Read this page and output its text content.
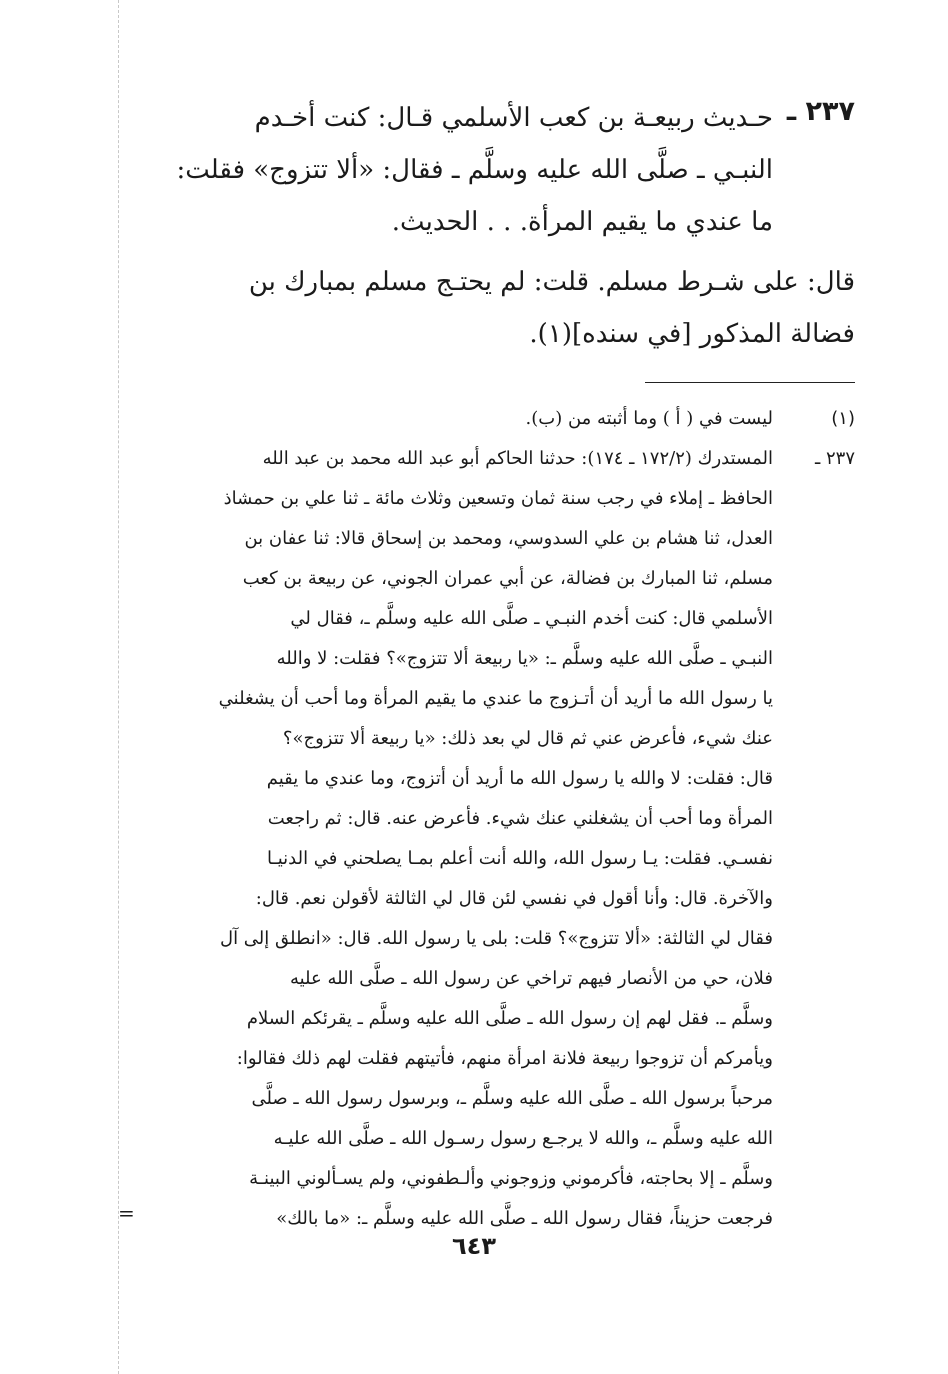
٢٣٧ ـ
حـديث ربيعـة بن كعب الأسلمي قـال: كنت أخـدم
النبـي ـ صلَّى الله عليه وسلَّم ـ فقال: «ألا تتزوج» فقلت:
ما عندي ما يقيم المرأة. . . الحديث.
قال: على شـرط مسلم. قلت: لم يحتـج مسلم بمبارك بن
فضالة المذكور [في سنده](١).
(١)
ليست في ( أ ) وما أثبته من (ب).
٢٣٧ ـ
المستدرك (١٧٢/٢ ـ ١٧٤): حدثنا الحاكم أبو عبد الله محمد بن عبد الله
الحافظ ـ إملاء في رجب سنة ثمان وتسعين وثلاث مائة ـ ثنا علي بن حمشاذ
العدل، ثنا هشام بن علي السدوسي، ومحمد بن إسحاق قالا: ثنا عفان بن
مسلم، ثنا المبارك بن فضالة، عن أبي عمران الجوني، عن ربيعة بن كعب
الأسلمي قال: كنت أخدم النبـي ـ صلَّى الله عليه وسلَّم ـ، فقال لي
النبـي ـ صلَّى الله عليه وسلَّم ـ: «يا ربيعة ألا تتزوج»؟ فقلت: لا والله
يا رسول الله ما أريد أن أتـزوج ما عندي ما يقيم المرأة وما أحب أن يشغلني
عنك شيء، فأعرض عني ثم قال لي بعد ذلك: «يا ربيعة ألا تتزوج»؟
قال: فقلت: لا والله يا رسول الله ما أريد أن أتزوج، وما عندي ما يقيم
المرأة وما أحب أن يشغلني عنك شيء. فأعرض عنه. قال: ثم راجعت
نفسـي. فقلت: يـا رسول الله، والله أنت أعلم بمـا يصلحني في الدنيـا
والآخرة. قال: وأنا أقول في نفسي لئن قال لي الثالثة لأقولن نعم. قال:
فقال لي الثالثة: «ألا تتزوج»؟ قلت: بلى يا رسول الله. قال: «انطلق إلى آل
فلان، حي من الأنصار فيهم تراخي عن رسول الله ـ صلَّى الله عليه
وسلَّم ـ. فقل لهم إن رسول الله ـ صلَّى الله عليه وسلَّم ـ يقرئكم السلام
ويأمركم أن تزوجوا ربيعة فلانة امرأة منهم، فأتيتهم فقلت لهم ذلك فقالوا:
مرحباً برسول الله ـ صلَّى الله عليه وسلَّم ـ، وبرسول رسول الله ـ صلَّى
الله عليه وسلَّم ـ، والله لا يرجـع رسول رسـول الله ـ صلَّى الله عليـه
وسلَّم ـ إلا بحاجته، فأكرموني وزوجوني وألـطفوني، ولم يسـألوني البينـة
فرجعت حزيناً، فقال رسول الله ـ صلَّى الله عليه وسلَّم ـ: «ما بالك»
=
٦٤٣
